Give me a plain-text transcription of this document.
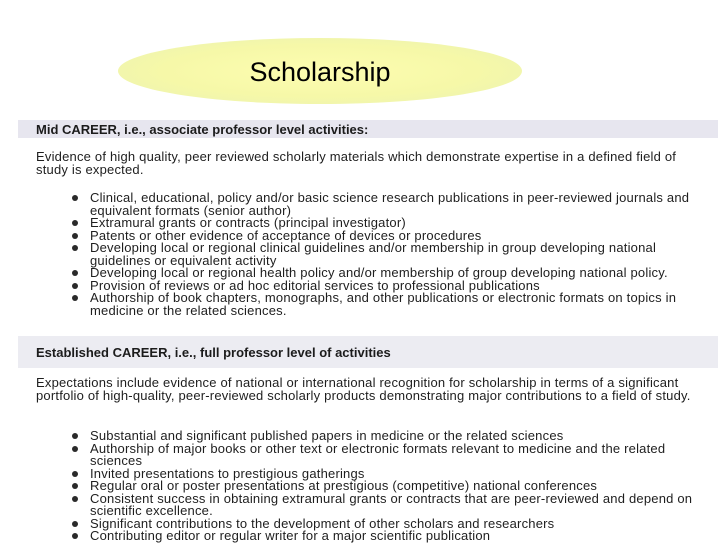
Scholarship
Mid CAREER, i.e., associate professor level activities:
Evidence of high quality, peer reviewed scholarly materials which demonstrate expertise in a defined field of study is expected.
Clinical, educational, policy and/or basic science research publications in peer-reviewed journals and equivalent formats (senior author)
Extramural grants or contracts (principal investigator)
Patents or other evidence of acceptance of devices or procedures
Developing local or regional clinical guidelines and/or membership in group developing national guidelines or equivalent activity
Developing local or regional health policy and/or membership of group developing national policy.
Provision of reviews or ad hoc editorial services to professional publications
Authorship of book chapters, monographs, and other publications or electronic formats on topics in medicine or the related sciences.
Established CAREER, i.e., full professor level of activities
Expectations include evidence of national or international recognition for scholarship in terms of a significant portfolio of high-quality, peer-reviewed scholarly products demonstrating major contributions to a field of study.
Substantial and significant published papers in medicine or the related sciences
Authorship of major books or other text or electronic formats relevant to medicine and the related sciences
Invited presentations to prestigious gatherings
Regular oral or poster presentations at prestigious (competitive) national conferences
Consistent success in obtaining extramural grants or contracts that are peer-reviewed and depend on scientific excellence.
Significant contributions to the development of other scholars and researchers
Contributing editor or regular writer for a major scientific publication
